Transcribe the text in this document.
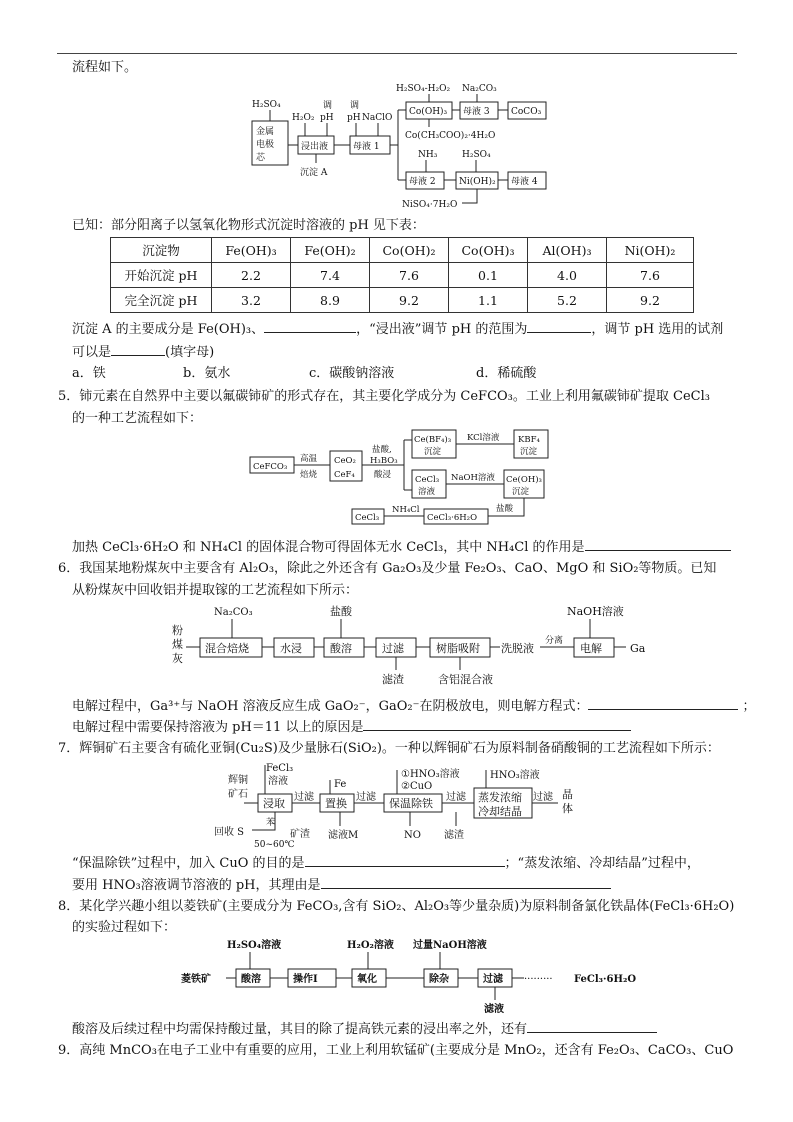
流程如下。
H₂SO₄
金属
电极
芯
H₂O₂
调
pH
浸出液
沉淀 A
调
pH NaClO
母液 1
H₂SO₄-H₂O₂ Na₂CO₃
Co(OH)₃ 母液 3 CoCO₃
Co(CH₃COO)₂·4H₂O
NH₃	H₂SO₄
母液 2	Ni(OH)₂ 母液 4
NiSO₄·7H₂O
已知：部分阳离子以氢氧化物形式沉淀时溶液的 pH 见下表：
沉淀物	Fe(OH)₃	Fe(OH)₂	Co(OH)₂	Co(OH)₃	Al(OH)₃	Ni(OH)₂
开始沉淀 pH	2.2	7.4	7.6	0.1	4.0	7.6
完全沉淀 pH	3.2	8.9	9.2	1.1	5.2	9.2
沉淀 A 的主要成分是 Fe(OH)₃、	，“浸出液”调节 pH 的范围为	，调节 pH 选用的试剂
可以是	(填字母)
a．铁	b．氨水	c．碳酸钠溶液	d．稀硫酸
5．铈元素在自然界中主要以氟碳铈矿的形式存在，其主要化学成分为 CeFCO₃。工业上利用氟碳铈矿提取 CeCl₃
的一种工艺流程如下：
CeFCO₃
高温
焙烧
CeO₂
CeF₄
盐酸,
H₃BO₃
酸浸
Ce(BF₄)₃
沉淀
KCl溶液 KBF₄
沉淀
CeCl₃
溶液
NaOH溶液 Ce(OH)₃
沉淀
盐酸
CeCl₃·6H₂O
NH₄Cl
CeCl₃
加热 CeCl₃·6H₂O 和 NH₄Cl 的固体混合物可得固体无水 CeCl₃，其中 NH₄Cl 的作用是
6．我国某地粉煤灰中主要含有 Al₂O₃，除此之外还含有 Ga₂O₃及少量 Fe₂O₃、CaO、MgO 和 SiO₂等物质。已知
从粉煤灰中回收铝并提取镓的工艺流程如下所示：
Na₂CO₃	盐酸	NaOH溶液
粉
煤
灰
混合焙烧	水浸	酸溶	过滤
滤渣
树脂吸附
含铝混合液
洗脱液
分离
电解	Ga
电解过程中，Ga³⁺与 NaOH 溶液反应生成 GaO₂⁻，GaO₂⁻在阴极放电，则电解方程式：	；
电解过程中需要保持溶液为 pH＝11 以上的原因是
7．辉铜矿石主要含有硫化亚铜(Cu₂S)及少量脉石(SiO₂)。一种以辉铜矿石为原料制备硝酸铜的工艺流程如下所示：
辉铜
矿石
FeCl₃
溶液
浸取 过滤
Fe
置换 过滤
滤液M
①HNO₃溶液
②CuO
保温除铁
NO
过滤
滤渣
HNO₃溶液
蒸发浓缩
冷却结晶
过滤 晶
体
回收 S
苯
50~60℃
矿渣
“保温除铁”过程中，加入 CuO 的目的是	；“蒸发浓缩、冷却结晶”过程中，
要用 HNO₃溶液调节溶液的 pH，其理由是
8．某化学兴趣小组以菱铁矿(主要成分为 FeCO₃,含有 SiO₂、Al₂O₃等少量杂质)为原料制备氯化铁晶体(FeCl₃·6H₂O)
的实验过程如下：
H₂SO₄溶液	H₂O₂溶液 过量NaOH溶液
菱铁矿	酸溶	操作Ⅰ	氧化	除杂	过滤
滤液
········· FeCl₃·6H₂O
酸溶及后续过程中均需保持酸过量，其目的除了提高铁元素的浸出率之外，还有
9．高纯 MnCO₃在电子工业中有重要的应用，工业上利用软锰矿(主要成分是 MnO₂，还含有 Fe₂O₃、CaCO₃、CuO
